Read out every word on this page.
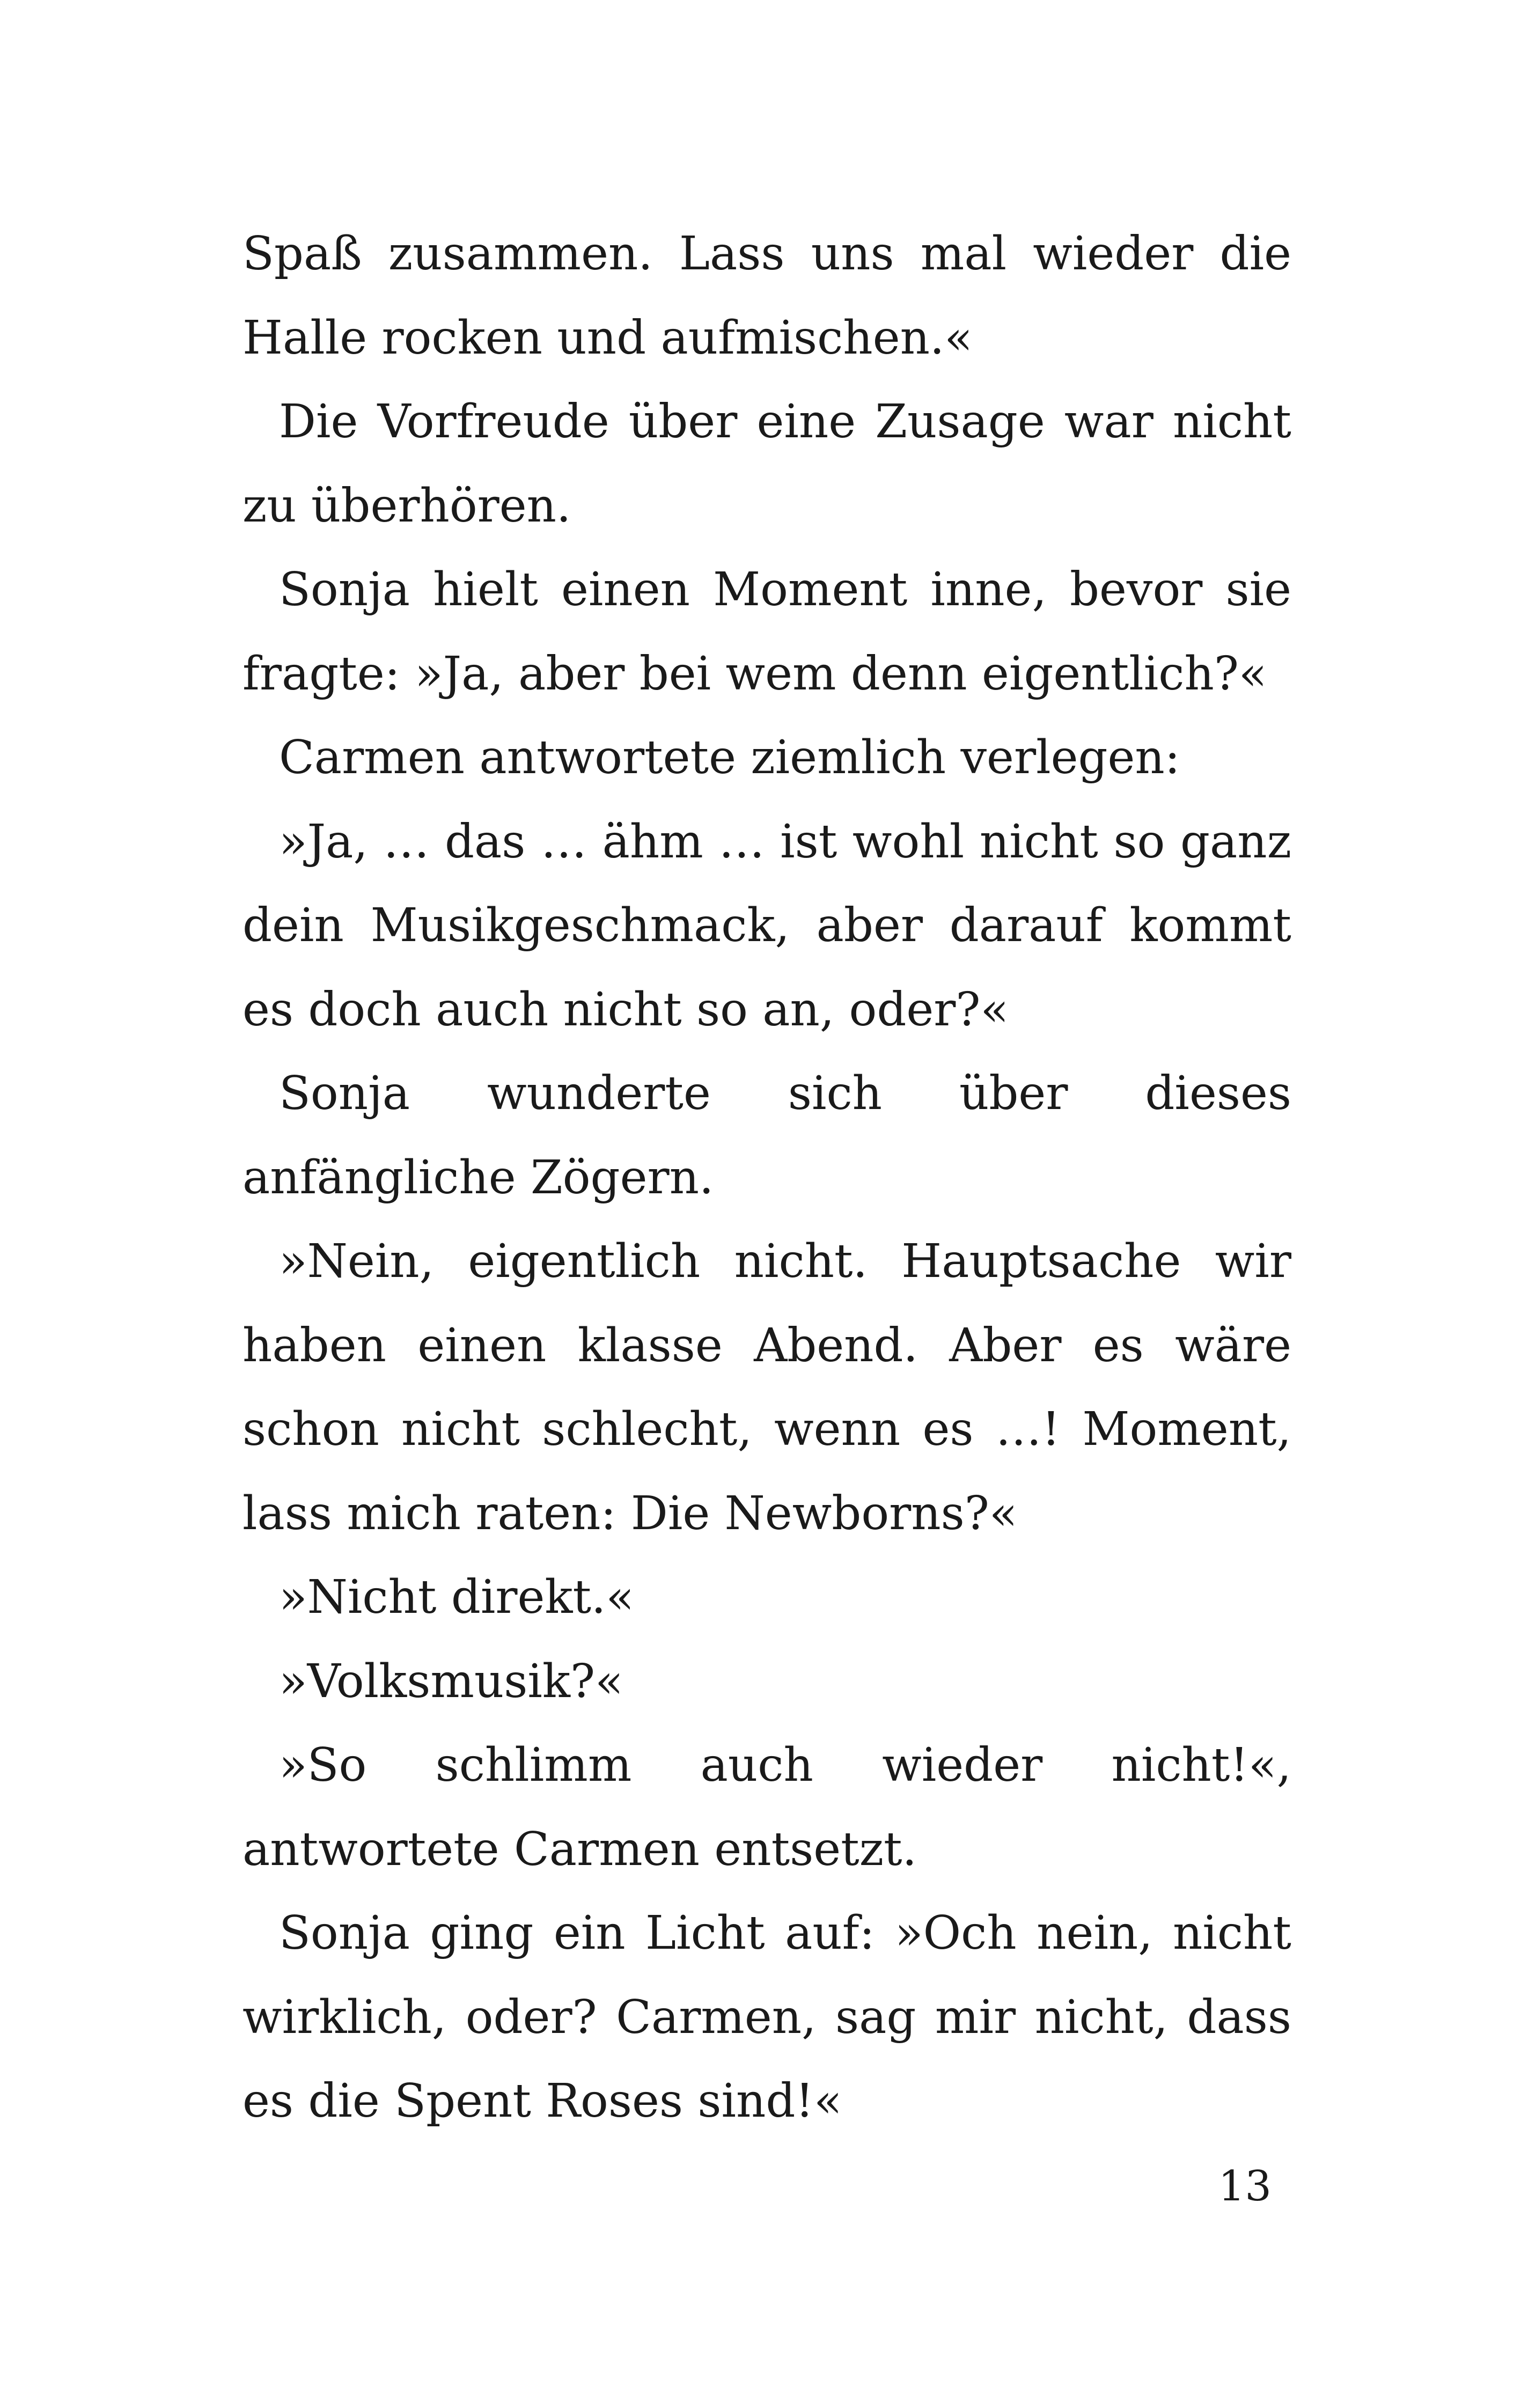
Spaß zusammen. Lass uns mal wieder die Halle rocken und aufmischen.«

Die Vorfreude über eine Zusage war nicht zu überhören.

Sonja hielt einen Moment inne, bevor sie fragte: »Ja, aber bei wem denn eigentlich?«

Carmen antwortete ziemlich verlegen:

»Ja, … das … ähm … ist wohl nicht so ganz dein Musikgeschmack, aber darauf kommt es doch auch nicht so an, oder?«

Sonja wunderte sich über dieses anfängliche Zögern.

»Nein, eigentlich nicht. Hauptsache wir haben einen klasse Abend. Aber es wäre schon nicht schlecht, wenn es …! Moment, lass mich raten: Die Newborns?«

»Nicht direkt.«

»Volksmusik?«

»So schlimm auch wieder nicht!«, antwortete Carmen entsetzt.

Sonja ging ein Licht auf: »Och nein, nicht wirklich, oder? Carmen, sag mir nicht, dass es die Spent Roses sind!«

13
